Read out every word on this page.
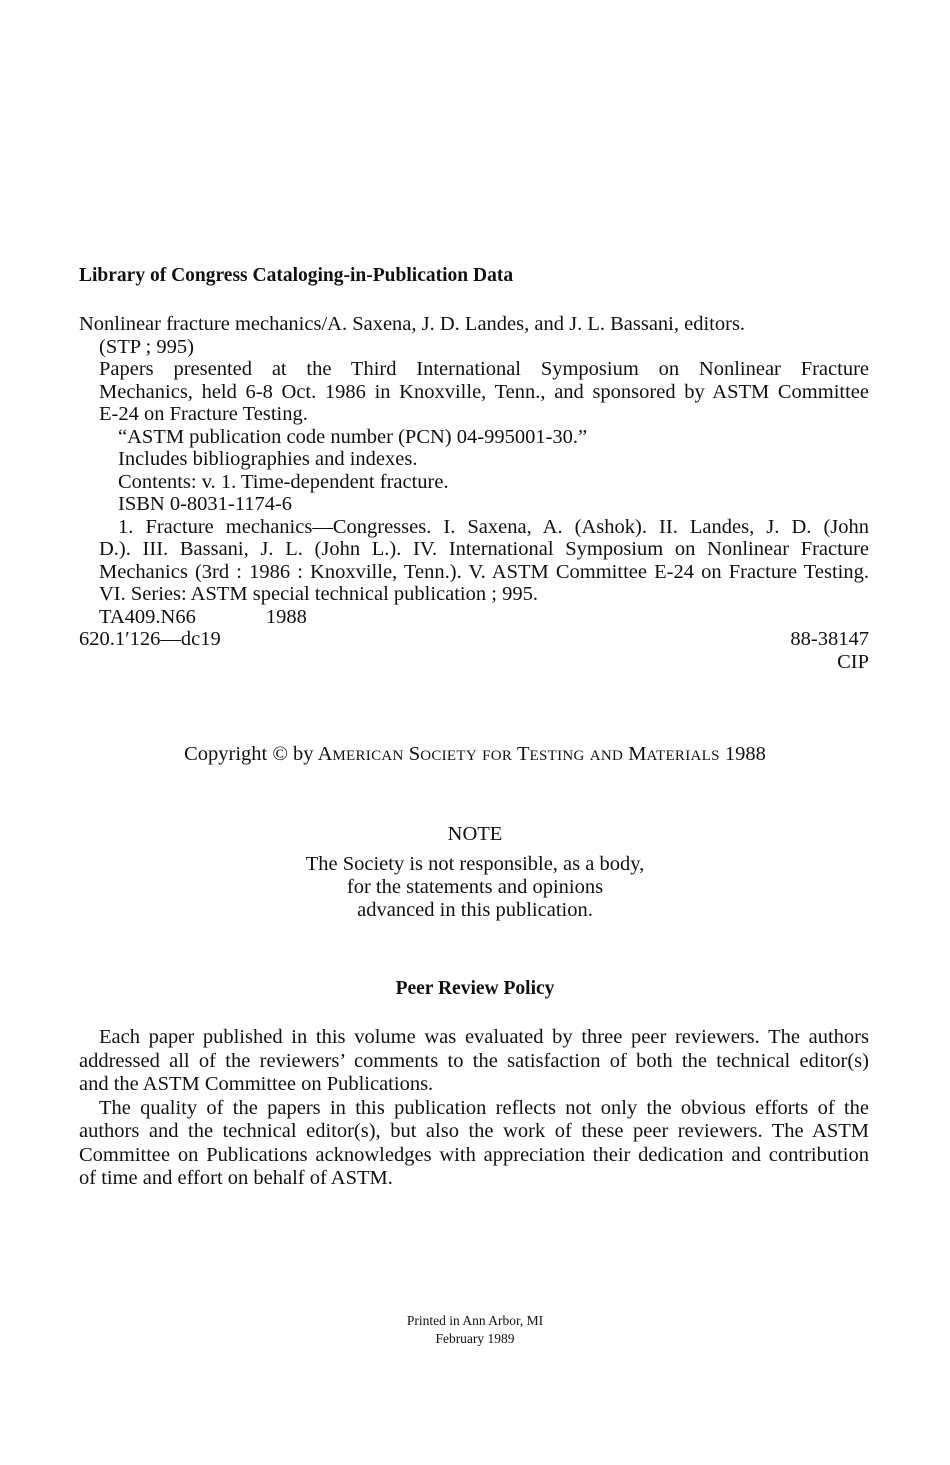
Library of Congress Cataloging-in-Publication Data
Nonlinear fracture mechanics/A. Saxena, J. D. Landes, and J. L. Bassani, editors.
(STP ; 995)
Papers presented at the Third International Symposium on Nonlinear Fracture
Mechanics, held 6-8 Oct. 1986 in Knoxville, Tenn., and sponsored by ASTM Committee
E-24 on Fracture Testing.
“ASTM publication code number (PCN) 04-995001-30.”
Includes bibliographies and indexes.
Contents: v. 1. Time-dependent fracture.
ISBN 0-8031-1174-6
1. Fracture mechanics—Congresses. I. Saxena, A. (Ashok). II. Landes, J. D. (John
D.). III. Bassani, J. L. (John L.). IV. International Symposium on Nonlinear Fracture
Mechanics (3rd : 1986 : Knoxville, Tenn.). V. ASTM Committee E-24 on Fracture Testing.
VI. Series: ASTM special technical publication ; 995.
TA409.N66	1988
620.1′126—dc19	88-38147
CIP
Copyright © by AMERICAN SOCIETY FOR TESTING AND MATERIALS 1988
NOTE
The Society is not responsible, as a body,
for the statements and opinions
advanced in this publication.
Peer Review Policy
Each paper published in this volume was evaluated by three peer reviewers. The authors
addressed all of the reviewers’ comments to the satisfaction of both the technical editor(s)
and the ASTM Committee on Publications.
The quality of the papers in this publication reflects not only the obvious efforts of the
authors and the technical editor(s), but also the work of these peer reviewers. The ASTM
Committee on Publications acknowledges with appreciation their dedication and contribution
of time and effort on behalf of ASTM.
Printed in Ann Arbor, MI
February 1989
